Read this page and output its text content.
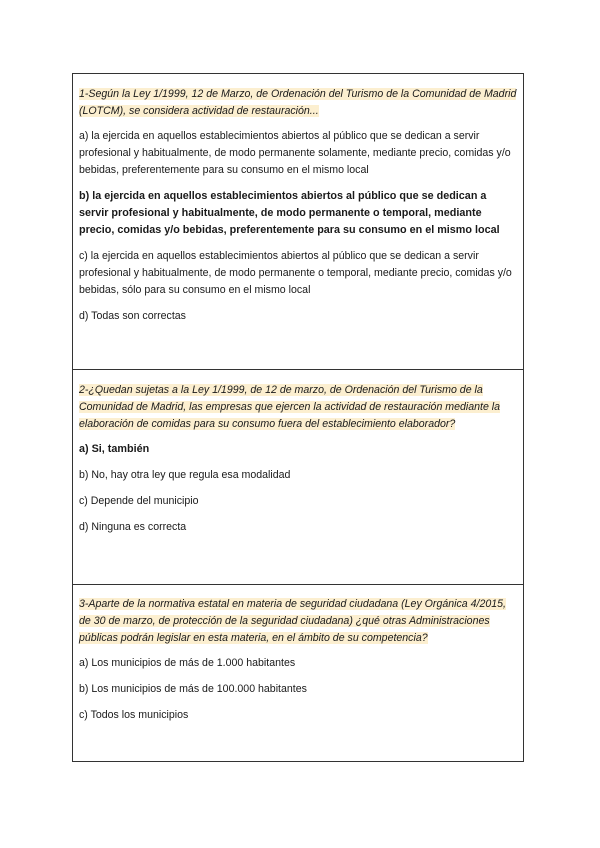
1-Según la Ley 1/1999, 12 de Marzo, de Ordenación del Turismo de la Comunidad de Madrid (LOTCM), se considera actividad de restauración...

a) la ejercida en aquellos establecimientos abiertos al público que se dedican a servir profesional y habitualmente, de modo permanente solamente, mediante precio, comidas y/o bebidas, preferentemente para su consumo en el mismo local

b) la ejercida en aquellos establecimientos abiertos al público que se dedican a servir profesional y habitualmente, de modo permanente o temporal, mediante precio, comidas y/o bebidas, preferentemente para su consumo en el mismo local

c) la ejercida en aquellos establecimientos abiertos al público que se dedican a servir profesional y habitualmente, de modo permanente o temporal, mediante precio, comidas y/o bebidas, sólo para su consumo en el mismo local

d) Todas son correctas

2-¿Quedan sujetas a la Ley 1/1999, de 12 de marzo, de Ordenación del Turismo de la Comunidad de Madrid, las empresas que ejercen la actividad de restauración mediante la elaboración de comidas para su consumo fuera del establecimiento elaborador?

a) Si, también

b) No, hay otra ley que regula esa modalidad

c) Depende del municipio

d) Ninguna es correcta

3-Aparte de la normativa estatal en materia de seguridad ciudadana (Ley Orgánica 4/2015, de 30 de marzo, de protección de la seguridad ciudadana) ¿qué otras Administraciones públicas podrán legislar en esta materia, en el ámbito de su competencia?

a) Los municipios de más de 1.000 habitantes

b) Los municipios de más de 100.000 habitantes

c) Todos los municipios
